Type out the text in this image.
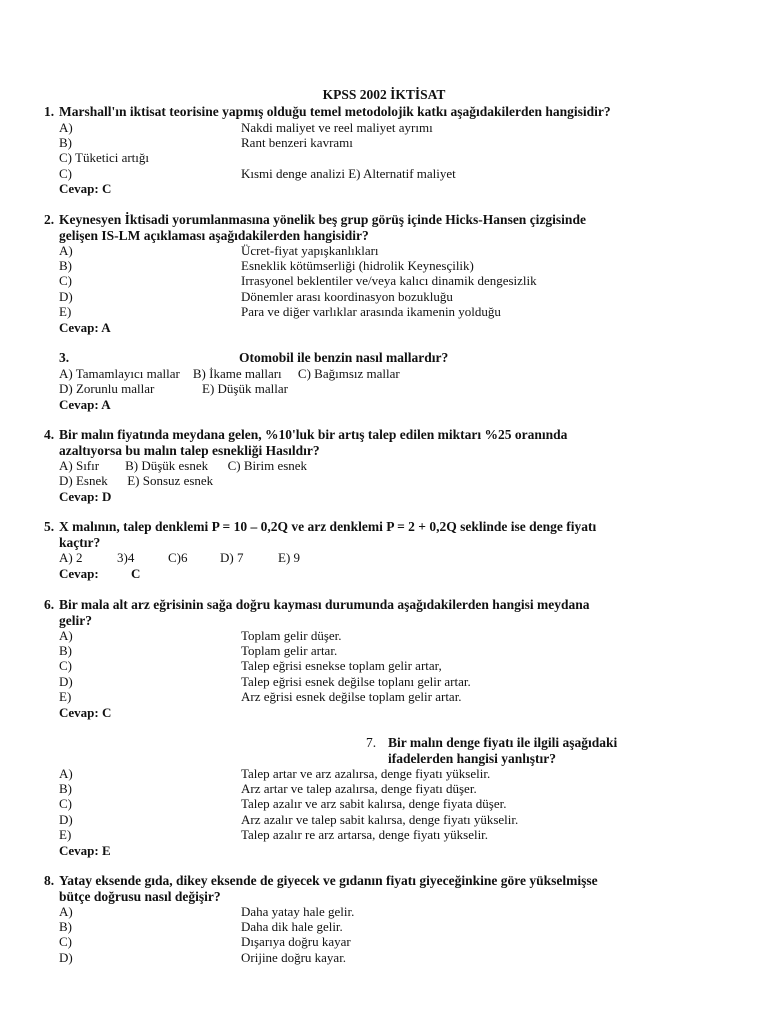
KPSS 2002 İKTİSAT
1. Marshall'ın iktisat teorisine yapmış olduğu temel metodolojik katkı aşağıdakilerden hangisidir?
A)	Nakdi maliyet ve reel maliyet ayrımı
B)	Rant benzeri kavramı
C) Tüketici artığı
C)	Kısmi denge analizi E) Alternatif maliyet
Cevap: C
2. Keynesyen İktisadi yorumlanmasına yönelik beş grup görüş içinde Hicks-Hansen çizgisinde
gelişen IS-LM açıklaması aşağıdakilerden hangisidir?
A)	Ücret-fiyat yapışkanlıkları
B)	Esneklik kötümserliği (hidrolik Keynesçilik)
C)	Irrasyonel beklentiler ve/veya kalıcı dinamik dengesizlik
D)	Dönemler arası koordinasyon bozukluğu
E)	Para ve diğer varlıklar arasında ikamenin yolduğu
Cevap: A
3.	Otomobil ile benzin nasıl mallardır?
A) Tamamlayıcı mallar    B) İkame malları     C) Bağımsız mallar
D) Zorunlu mallar	E) Düşük mallar
Cevap: A
4. Bir malın fiyatında meydana gelen, %10'luk bir artış talep edilen miktarı %25 oranında
azaltıyorsa bu malın talep esnekliği Hasıldır?
A) Sıfır        B) Düşük esnek      C) Birim esnek
D) Esnek      E) Sonsuz esnek
Cevap: D
5. X malının, talep denklemi P = 10 – 0,2Q ve arz denklemi P = 2 + 0,2Q seklinde ise denge fiyatı
kaçtır?
A) 2	3)4	C)6	D) 7	E) 9
Cevap: C
6. Bir mala alt arz eğrisinin sağa doğru kayması durumunda aşağıdakilerden hangisi meydana
gelir?
A)	Toplam gelir düşer.
B)	Toplam gelir artar.
C)	Talep eğrisi esnekse toplam gelir artar,
D)	Talep eğrisi esnek değilse toplanı gelir artar.
E)	Arz eğrisi esnek değilse toplam gelir artar.
Cevap: C
7. Bir malın denge fiyatı ile ilgili aşağıdaki
ifadelerden hangisi yanlıştır?
A)	Talep artar ve arz azalırsa, denge fiyatı yükselir.
B)	Arz artar ve talep azalırsa, denge fiyatı düşer.
C)	Talep azalır ve arz sabit kalırsa, denge fiyata düşer.
D)	Arz azalır ve talep sabit kalırsa, denge fiyatı yükselir.
E)	Talep azalır re arz artarsa, denge fiyatı yükselir.
Cevap: E
8. Yatay eksende gıda, dikey eksende de giyecek ve gıdanın fiyatı giyeceğinkine göre yükselmişse
bütçe doğrusu nasıl değişir?
A)	Daha yatay hale gelir.
B)	Daha dik hale gelir.
C)	Dışarıya doğru kayar
D)	Orijine doğru kayar.
